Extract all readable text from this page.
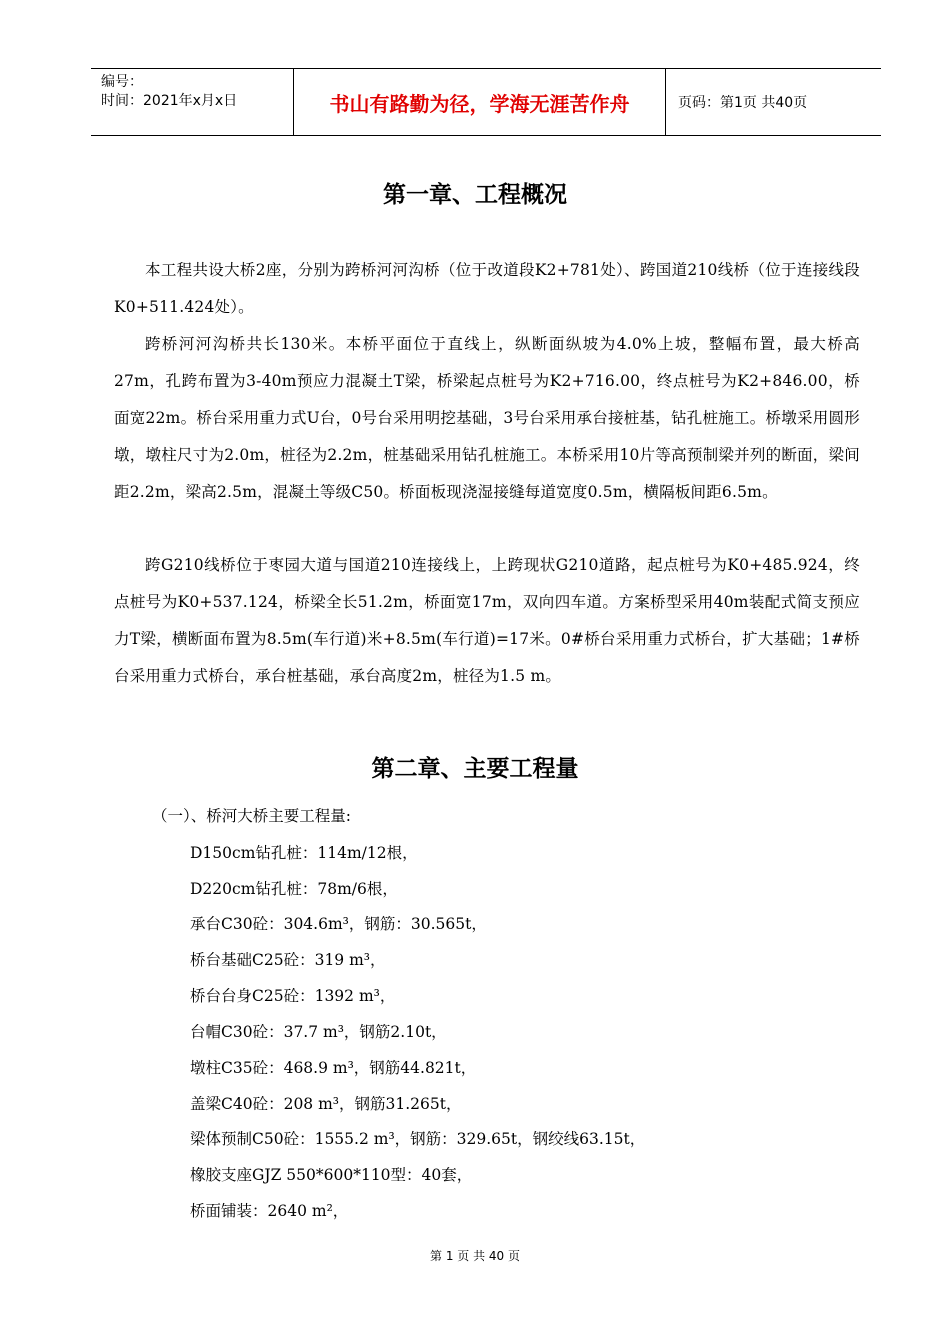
编号：
时间：2021年x月x日	书山有路勤为径，学海无涯苦作舟	页码：第1页 共40页
第一章、工程概况

本工程共设大桥2座，分别为跨桥河河沟桥（位于改道段K2+781处）、跨国道210线桥（位于连接线段K0+511.424处）。

跨桥河河沟桥共长130米。本桥平面位于直线上，纵断面纵坡为4.0%上坡，整幅布置，最大桥高27m，孔跨布置为3-40m预应力混凝土T梁，桥梁起点桩号为K2+716.00，终点桩号为K2+846.00，桥面宽22m。桥台采用重力式U台，0号台采用明挖基础，3号台采用承台接桩基，钻孔桩施工。桥墩采用圆形墩，墩柱尺寸为2.0m，桩径为2.2m，桩基础采用钻孔桩施工。本桥采用10片等高预制梁并列的断面，梁间距2.2m，梁高2.5m，混凝土等级C50。桥面板现浇湿接缝每道宽度0.5m，横隔板间距6.5m。

跨G210线桥位于枣园大道与国道210连接线上，上跨现状G210道路，起点桩号为K0+485.924，终点桩号为K0+537.124，桥梁全长51.2m，桥面宽17m，双向四车道。方案桥型采用40m装配式简支预应力T梁，横断面布置为8.5m(车行道)米+8.5m(车行道)=17米。0#桥台采用重力式桥台，扩大基础；1#桥台采用重力式桥台，承台桩基础，承台高度2m，桩径为1.5 m。

第二章、主要工程量

（一）、桥河大桥主要工程量:

D150cm钻孔桩：114m/12根，

D220cm钻孔桩：78m/6根，

承台C30砼：304.6m³，钢筋：30.565t，

桥台基础C25砼：319 m³，

桥台台身C25砼：1392 m³，

台帽C30砼：37.7 m³，钢筋2.10t，

墩柱C35砼：468.9 m³，钢筋44.821t，

盖梁C40砼：208 m³，钢筋31.265t，

梁体预制C50砼：1555.2 m³，钢筋：329.65t，钢绞线63.15t，

橡胶支座GJZ 550*600*110型：40套，

桥面铺装：2640 m²，

第 1 页 共 40 页
